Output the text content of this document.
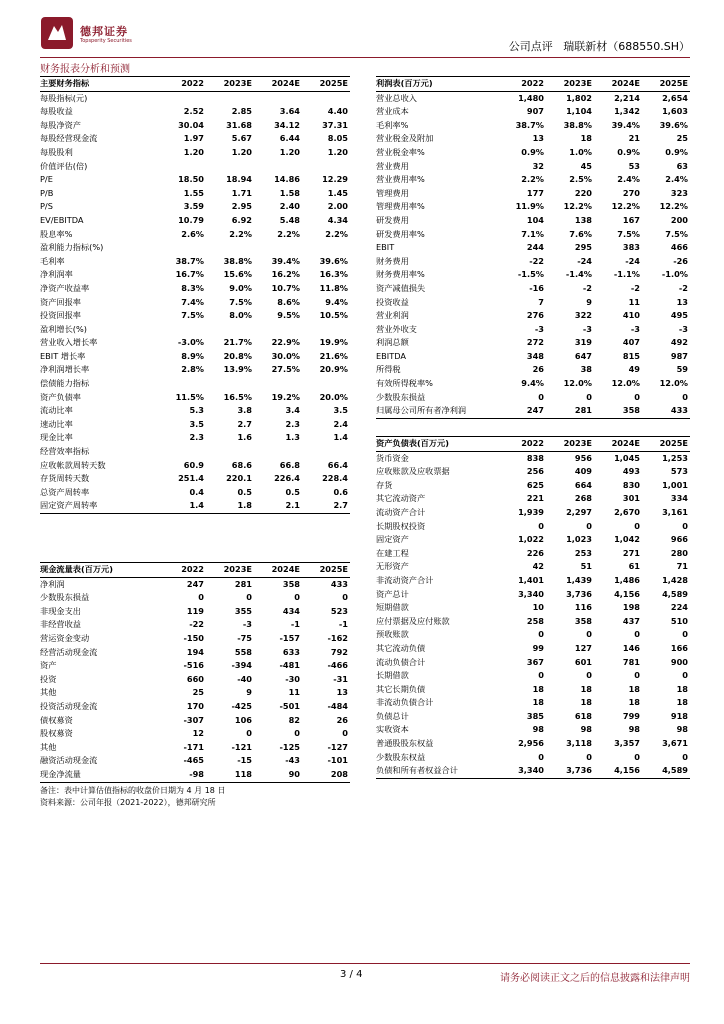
德邦证券
Topsperity Securities	公司点评 瑞联新材（688550.SH）
财务报表分析和预测
主要财务指标	2022	2023E	2024E	2025E
每股指标(元)				
每股收益	2.52	2.85	3.64	4.40
每股净资产	30.04	31.68	34.12	37.31
每股经营现金流	1.97	5.67	6.44	8.05
每股股利	1.20	1.20	1.20	1.20
价值评估(倍)				
P/E	18.50	18.94	14.86	12.29
P/B	1.55	1.71	1.58	1.45
P/S	3.59	2.95	2.40	2.00
EV/EBITDA	10.79	6.92	5.48	4.34
股息率%	2.6%	2.2%	2.2%	2.2%
盈利能力指标(%)				
毛利率	38.7%	38.8%	39.4%	39.6%
净利润率	16.7%	15.6%	16.2%	16.3%
净资产收益率	8.3%	9.0%	10.7%	11.8%
资产回报率	7.4%	7.5%	8.6%	9.4%
投资回报率	7.5%	8.0%	9.5%	10.5%
盈利增长(%)				
营业收入增长率	-3.0%	21.7%	22.9%	19.9%
EBIT 增长率	8.9%	20.8%	30.0%	21.6%
净利润增长率	2.8%	13.9%	27.5%	20.9%
偿债能力指标				
资产负债率	11.5%	16.5%	19.2%	20.0%
流动比率	5.3	3.8	3.4	3.5
速动比率	3.5	2.7	2.3	2.4
现金比率	2.3	1.6	1.3	1.4
经营效率指标				
应收帐款周转天数	60.9	68.6	66.8	66.4
存货周转天数	251.4	220.1	226.4	228.4
总资产周转率	0.4	0.5	0.5	0.6
固定资产周转率	1.4	1.8	2.1	2.7
利润表(百万元)	2022	2023E	2024E	2025E
营业总收入	1,480	1,802	2,214	2,654
营业成本	907	1,104	1,342	1,603
毛利率%	38.7%	38.8%	39.4%	39.6%
营业税金及附加	13	18	21	25
营业税金率%	0.9%	1.0%	0.9%	0.9%
营业费用	32	45	53	63
营业费用率%	2.2%	2.5%	2.4%	2.4%
管理费用	177	220	270	323
管理费用率%	11.9%	12.2%	12.2%	12.2%
研发费用	104	138	167	200
研发费用率%	7.1%	7.6%	7.5%	7.5%
EBIT	244	295	383	466
财务费用	-22	-24	-24	-26
财务费用率%	-1.5%	-1.4%	-1.1%	-1.0%
资产减值损失	-16	-2	-2	-2
投资收益	7	9	11	13
营业利润	276	322	410	495
营业外收支	-3	-3	-3	-3
利润总额	272	319	407	492
EBITDA	348	647	815	987
所得税	26	38	49	59
有效所得税率%	9.4%	12.0%	12.0%	12.0%
少数股东损益	0	0	0	0
归属母公司所有者净利润	247	281	358	433
资产负债表(百万元)	2022	2023E	2024E	2025E
货币资金	838	956	1,045	1,253
应收账款及应收票据	256	409	493	573
存货	625	664	830	1,001
其它流动资产	221	268	301	334
流动资产合计	1,939	2,297	2,670	3,161
长期股权投资	0	0	0	0
固定资产	1,022	1,023	1,042	966
在建工程	226	253	271	280
无形资产	42	51	61	71
非流动资产合计	1,401	1,439	1,486	1,428
资产总计	3,340	3,736	4,156	4,589
短期借款	10	116	198	224
应付票据及应付账款	258	358	437	510
预收账款	0	0	0	0
其它流动负债	99	127	146	166
流动负债合计	367	601	781	900
长期借款	0	0	0	0
其它长期负债	18	18	18	18
非流动负债合计	18	18	18	18
负债总计	385	618	799	918
实收资本	98	98	98	98
普通股股东权益	2,956	3,118	3,357	3,671
少数股东权益	0	0	0	0
负债和所有者权益合计	3,340	3,736	4,156	4,589
现金流量表(百万元)	2022	2023E	2024E	2025E
净利润	247	281	358	433
少数股东损益	0	0	0	0
非现金支出	119	355	434	523
非经营收益	-22	-3	-1	-1
营运资金变动	-150	-75	-157	-162
经营活动现金流	194	558	633	792
资产	-516	-394	-481	-466
投资	660	-40	-30	-31
其他	25	9	11	13
投资活动现金流	170	-425	-501	-484
债权募资	-307	106	82	26
股权募资	12	0	0	0
其他	-171	-121	-125	-127
融资活动现金流	-465	-15	-43	-101
现金净流量	-98	118	90	208
备注：表中计算估值指标的收盘价日期为 4 月 18 日
资料来源：公司年报（2021-2022），德邦研究所
3 / 4	请务必阅读正文之后的信息披露和法律声明
